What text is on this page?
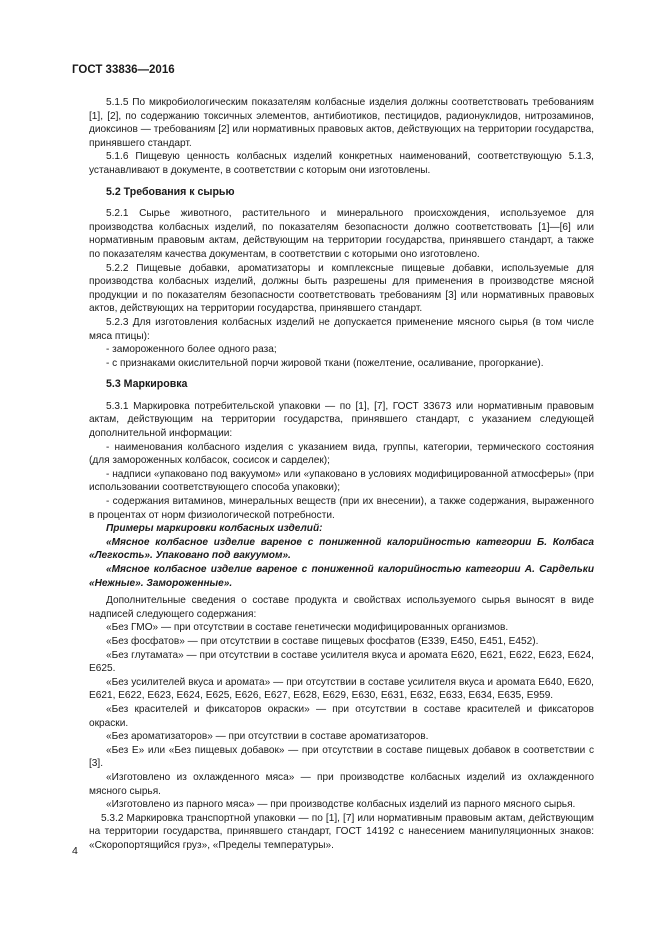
ГОСТ 33836—2016

5.1.5 По микробиологическим показателям колбасные изделия должны соответствовать требованиям [1], [2], по содержанию токсичных элементов, антибиотиков, пестицидов, радионуклидов, нитрозаминов, диоксинов — требованиям [2] или нормативных правовых актов, действующих на территории государства, принявшего стандарт.

5.1.6 Пищевую ценность колбасных изделий конкретных наименований, соответствующую 5.1.3, устанавливают в документе, в соответствии с которым они изготовлены.

5.2 Требования к сырью

5.2.1 Сырье животного, растительного и минерального происхождения, используемое для производства колбасных изделий, по показателям безопасности должно соответствовать [1]—[6] или нормативным правовым актам, действующим на территории государства, принявшего стандарт, а также по показателям качества документам, в соответствии с которыми оно изготовлено.

5.2.2 Пищевые добавки, ароматизаторы и комплексные пищевые добавки, используемые для производства колбасных изделий, должны быть разрешены для применения в производстве мясной продукции и по показателям безопасности соответствовать требованиям [3] или нормативных правовых актов, действующих на территории государства, принявшего стандарт.

5.2.3 Для изготовления колбасных изделий не допускается применение мясного сырья (в том числе мяса птицы):

- замороженного более одного раза;

- с признаками окислительной порчи жировой ткани (пожелтение, осаливание, прогоркание).

5.3 Маркировка

5.3.1 Маркировка потребительской упаковки — по [1], [7], ГОСТ 33673 или нормативным правовым актам, действующим на территории государства, принявшего стандарт, с указанием следующей дополнительной информации:

- наименования колбасного изделия с указанием вида, группы, категории, термического состояния (для замороженных колбасок, сосисок и сарделек);

- надписи «упаковано под вакуумом» или «упаковано в условиях модифицированной атмосферы» (при использовании соответствующего способа упаковки);

- содержания витаминов, минеральных веществ (при их внесении), а также содержания, выраженного в процентах от норм физиологической потребности.

Примеры маркировки колбасных изделий:

«Мясное колбасное изделие вареное с пониженной калорийностью категории Б. Колбаса «Легкость». Упаковано под вакуумом».

«Мясное колбасное изделие вареное с пониженной калорийностью категории А. Сардельки «Нежные». Замороженные».

Дополнительные сведения о составе продукта и свойствах используемого сырья выносят в виде надписей следующего содержания:

«Без ГМО» — при отсутствии в составе генетически модифицированных организмов.

«Без фосфатов» — при отсутствии в составе пищевых фосфатов (Е339, Е450, Е451, Е452).

«Без глутамата» — при отсутствии в составе усилителя вкуса и аромата Е620, Е621, Е622, Е623, Е624, Е625.

«Без усилителей вкуса и аромата» — при отсутствии в составе усилителя вкуса и аромата Е640, Е620, Е621, Е622, Е623, Е624, Е625, Е626, Е627, Е628, Е629, Е630, Е631, Е632, Е633, Е634, Е635, Е959.

«Без красителей и фиксаторов окраски» — при отсутствии в составе красителей и фиксаторов окраски.

«Без ароматизаторов» — при отсутствии в составе ароматизаторов.

«Без Е» или «Без пищевых добавок» — при отсутствии в составе пищевых добавок в соответствии с [3].

«Изготовлено из охлажденного мяса» — при производстве колбасных изделий из охлажденного мясного сырья.

«Изготовлено из парного мяса» — при производстве колбасных изделий из парного мясного сырья.

5.3.2 Маркировка транспортной упаковки — по [1], [7] или нормативным правовым актам, действующим на территории государства, принявшего стандарт, ГОСТ 14192 с нанесением манипуляционных знаков: «Скоропортящийся груз», «Пределы температуры».

4
